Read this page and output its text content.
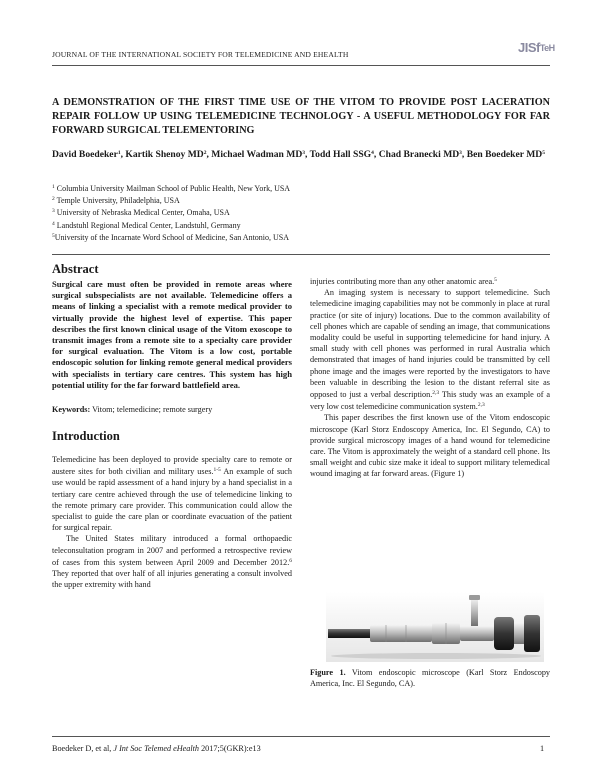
JOURNAL OF THE INTERNATIONAL SOCIETY FOR TELEMEDICINE AND EHEALTH	JISfTeH
A DEMONSTRATION OF THE FIRST TIME USE OF THE VITOM TO PROVIDE POST LACERATION REPAIR FOLLOW UP USING TELEMEDICINE TECHNOLOGY - A USEFUL METHODOLOGY FOR FAR FORWARD SURGICAL TELEMENTORING
David Boedeker$^1$, Kartik Shenoy $MD^2$, Michael Wadman $MD^3$, Todd Hall SSG$^4$, Chad Branecki $MD^3$, Ben Boedeker $MD^5$
$^1$ Columbia University Mailman School of Public Health, New York, USA
$^2$ Temple University, Philadelphia, USA
$^3$ University of Nebraska Medical Center, Omaha, USA
$^4$ Landstuhl Regional Medical Center, Landstuhl, Germany
$^5$University of the Incarnate Word School of Medicine, San Antonio, USA
Abstract
Surgical care must often be provided in remote areas where surgical subspecialists are not available. Telemedicine offers a means of linking a specialist with a remote medical provider to virtually provide the highest level of expertise. This paper describes the first known clinical usage of the Vitom exoscope to transmit images from a remote site to a specialty care provider for surgical evaluation. The Vitom is a low cost, portable endoscopic solution for linking remote general medical providers with specialists in tertiary care centres. This system has high potential utility for the far forward battlefield area.
Keywords: Vitom; telemedicine; remote surgery
Introduction

Telemedicine has been deployed to provide specialty care to remote or austere sites for both civilian and military uses.$^{1-5}$ An example of such use would be rapid assessment of a hand injury by a hand specialist in a tertiary care centre achieved through the use of telemedicine linking to the remote primary care provider. This communication could allow the specialist to guide the care plan or coordinate evacuation of the patient for surgical repair.

The United States military introduced a formal orthopaedic teleconsultation program in 2007 and performed a retrospective review of cases from this system between April 2009 and December 2012.$^6$ They reported that over half of all injuries generating a consult involved the upper extremity with hand

injuries contributing more than any other anatomic area.$^5$

An imaging system is necessary to support telemedicine. Such telemedicine imaging capabilities may not be commonly in place at rural practice (or site of injury) locations. Due to the common availability of cell phones which are capable of sending an image, that communications modality could be useful in supporting telemedicine for hand injury. A small study with cell phones was performed in rural Australia which demonstrated that images of hand injuries could be transmitted by cell phone image and the images were reported by the investigators to have been valuable in describing the lesion to the distant referral site as opposed to just a verbal description.$^{2,3}$ This study was an example of a very low cost telemedicine communication system.$^{2,3}$

This paper describes the first known use of the Vitom endoscopic microscope (Karl Storz Endoscopy America, Inc. El Segundo, CA) to provide surgical microscopy images of a hand wound for telemedicine care. The Vitom is approximately the weight of a standard cell phone. Its small weight and cubic size make it ideal to support military telemedical wound imaging at far forward areas. (Figure 1)

Figure 1. Vitom endoscopic microscope (Karl Storz Endoscopy America, Inc. El Segundo, CA).
Boedeker D, et al, J Int Soc Telemed eHealth 2017;5(GKR):e13	1
